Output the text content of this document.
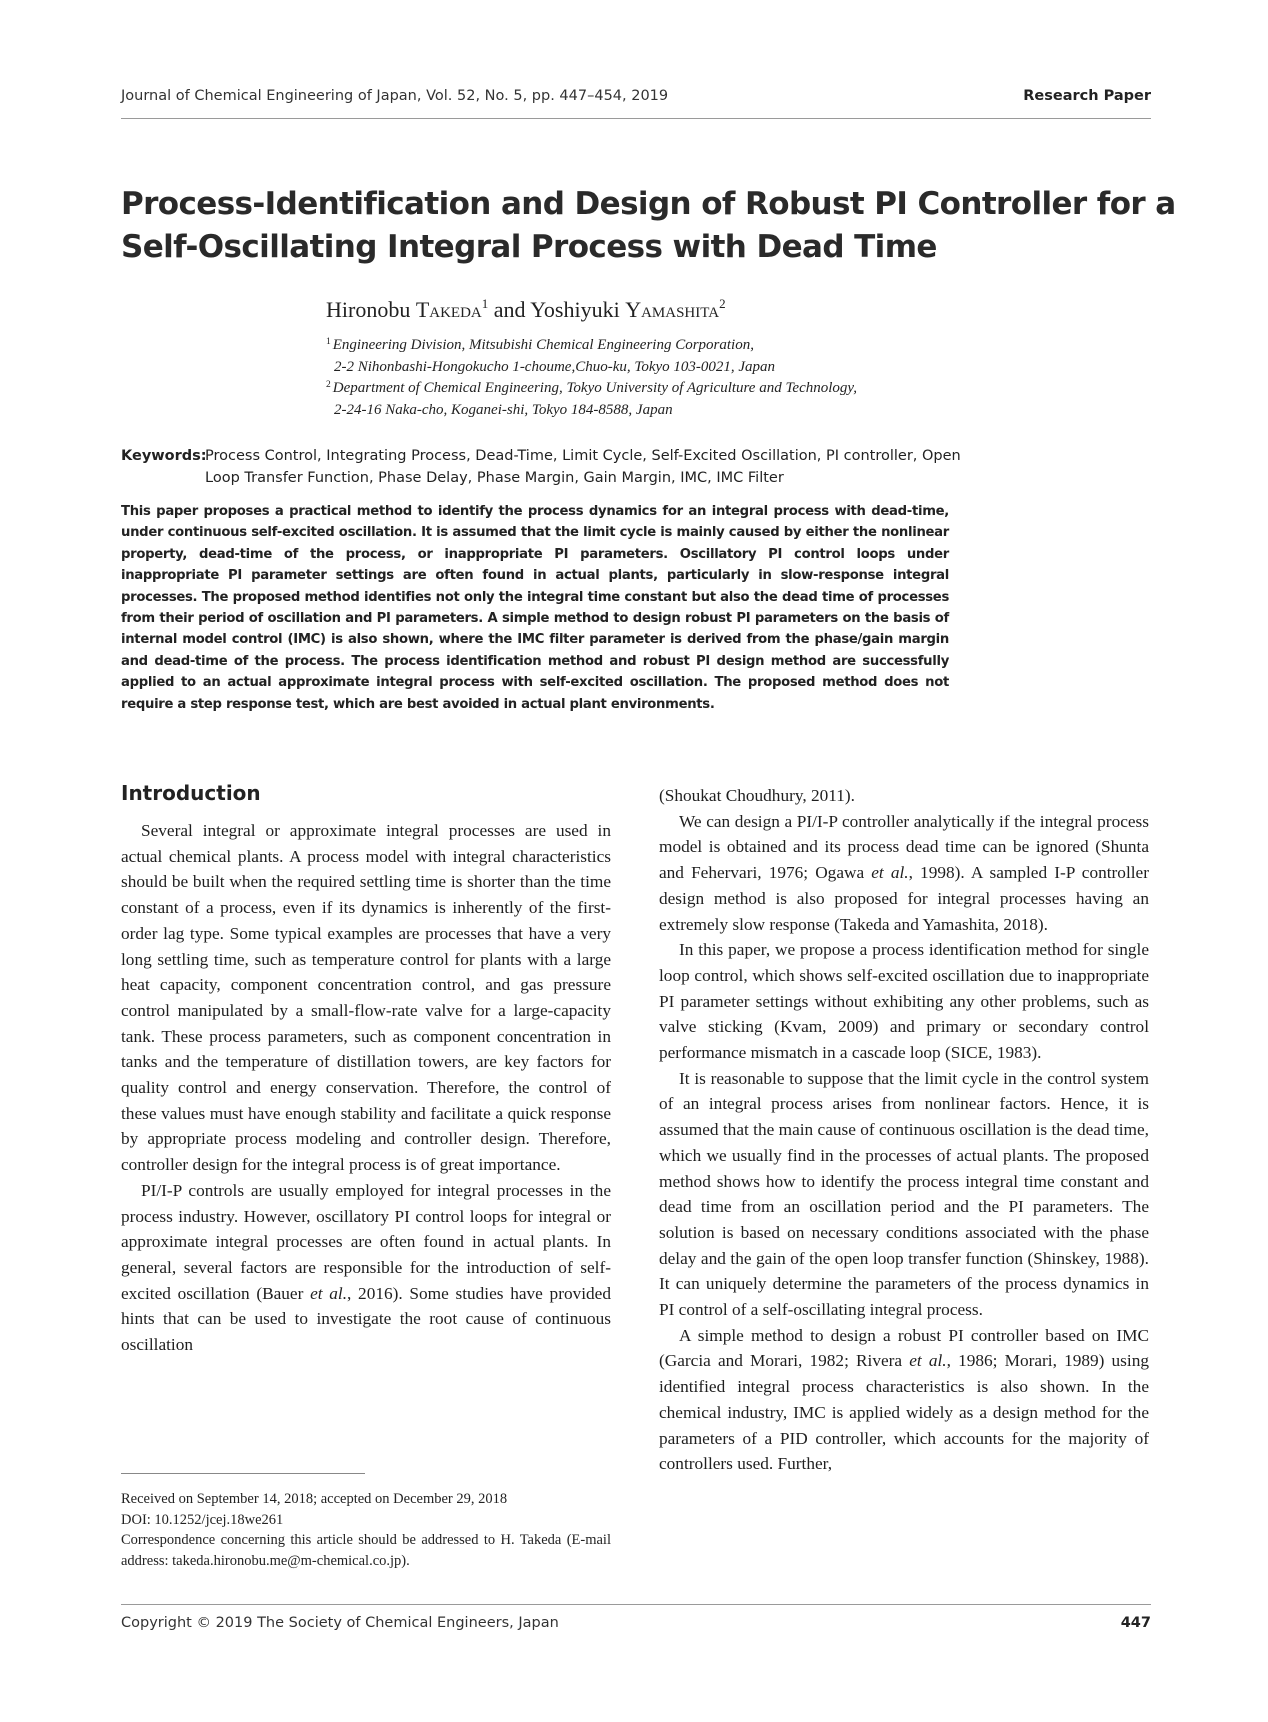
Journal of Chemical Engineering of Japan, Vol. 52, No. 5, pp. 447–454, 2019	Research Paper
Process-Identification and Design of Robust PI Controller for a
Self-Oscillating Integral Process with Dead Time
Hironobu Takeda$^1$ and Yoshiyuki Yamashita$^2$
$^1$ Engineering Division, Mitsubishi Chemical Engineering Corporation,
2-2 Nihonbashi-Hongokucho 1-choume,Chuo-ku, Tokyo 103-0021, Japan
$^2$ Department of Chemical Engineering, Tokyo University of Agriculture and Technology,
2-24-16 Naka-cho, Koganei-shi, Tokyo 184-8588, Japan
Keywords:
Process Control, Integrating Process, Dead-Time, Limit Cycle, Self-Excited Oscillation, PI controller, Open Loop Transfer Function, Phase Delay, Phase Margin, Gain Margin, IMC, IMC Filter
This paper proposes a practical method to identify the process dynamics for an integral process with dead-time, under continuous self-excited oscillation. It is assumed that the limit cycle is mainly caused by either the nonlinear property, dead-time of the process, or inappropriate PI parameters. Oscillatory PI control loops under inappropriate PI parameter settings are often found in actual plants, particularly in slow-response integral processes. The proposed method identifies not only the integral time constant but also the dead time of processes from their period of oscillation and PI parameters. A simple method to design robust PI parameters on the basis of internal model control (IMC) is also shown, where the IMC filter parameter is derived from the phase/gain margin and dead-time of the process. The process identification method and robust PI design method are successfully applied to an actual approximate integral process with self-excited oscillation. The proposed method does not require a step response test, which are best avoided in actual plant environments.
Introduction

Several integral or approximate integral processes are used in actual chemical plants. A process model with integral characteristics should be built when the required settling time is shorter than the time constant of a process, even if its dynamics is inherently of the first-order lag type. Some typical examples are processes that have a very long settling time, such as temperature control for plants with a large heat capacity, component concentration control, and gas pressure control manipulated by a small-flow-rate valve for a large-capacity tank. These process parameters, such as component concentration in tanks and the temperature of distillation towers, are key factors for quality control and energy conservation. Therefore, the control of these values must have enough stability and facilitate a quick response by appropriate process modeling and controller design. Therefore, controller design for the integral process is of great importance.

PI/I-P controls are usually employed for integral processes in the process industry. However, oscillatory PI control loops for integral or approximate integral processes are often found in actual plants. In general, several factors are responsible for the introduction of self-excited oscillation (Bauer et al., 2016). Some studies have provided hints that can be used to investigate the root cause of continuous oscillation

(Shoukat Choudhury, 2011).

We can design a PI/I-P controller analytically if the integral process model is obtained and its process dead time can be ignored (Shunta and Fehervari, 1976; Ogawa et al., 1998). A sampled I-P controller design method is also proposed for integral processes having an extremely slow response (Takeda and Yamashita, 2018).

In this paper, we propose a process identification method for single loop control, which shows self-excited oscillation due to inappropriate PI parameter settings without exhibiting any other problems, such as valve sticking (Kvam, 2009) and primary or secondary control performance mismatch in a cascade loop (SICE, 1983).

It is reasonable to suppose that the limit cycle in the control system of an integral process arises from nonlinear factors. Hence, it is assumed that the main cause of continuous oscillation is the dead time, which we usually find in the processes of actual plants. The proposed method shows how to identify the process integral time constant and dead time from an oscillation period and the PI parameters. The solution is based on necessary conditions associated with the phase delay and the gain of the open loop transfer function (Shinskey, 1988). It can uniquely determine the parameters of the process dynamics in PI control of a self-oscillating integral process.

A simple method to design a robust PI controller based on IMC (Garcia and Morari, 1982; Rivera et al., 1986; Morari, 1989) using identified integral process characteristics is also shown. In the chemical industry, IMC is applied widely as a design method for the parameters of a PID controller, which accounts for the majority of controllers used. Further,

Received on September 14, 2018; accepted on December 29, 2018

DOI: 10.1252/jcej.18we261

Correspondence concerning this article should be addressed to H. Takeda (E-mail address: takeda.hironobu.me@m-chemical.co.jp).

Copyright © 2019 The Society of Chemical Engineers, Japan	447
